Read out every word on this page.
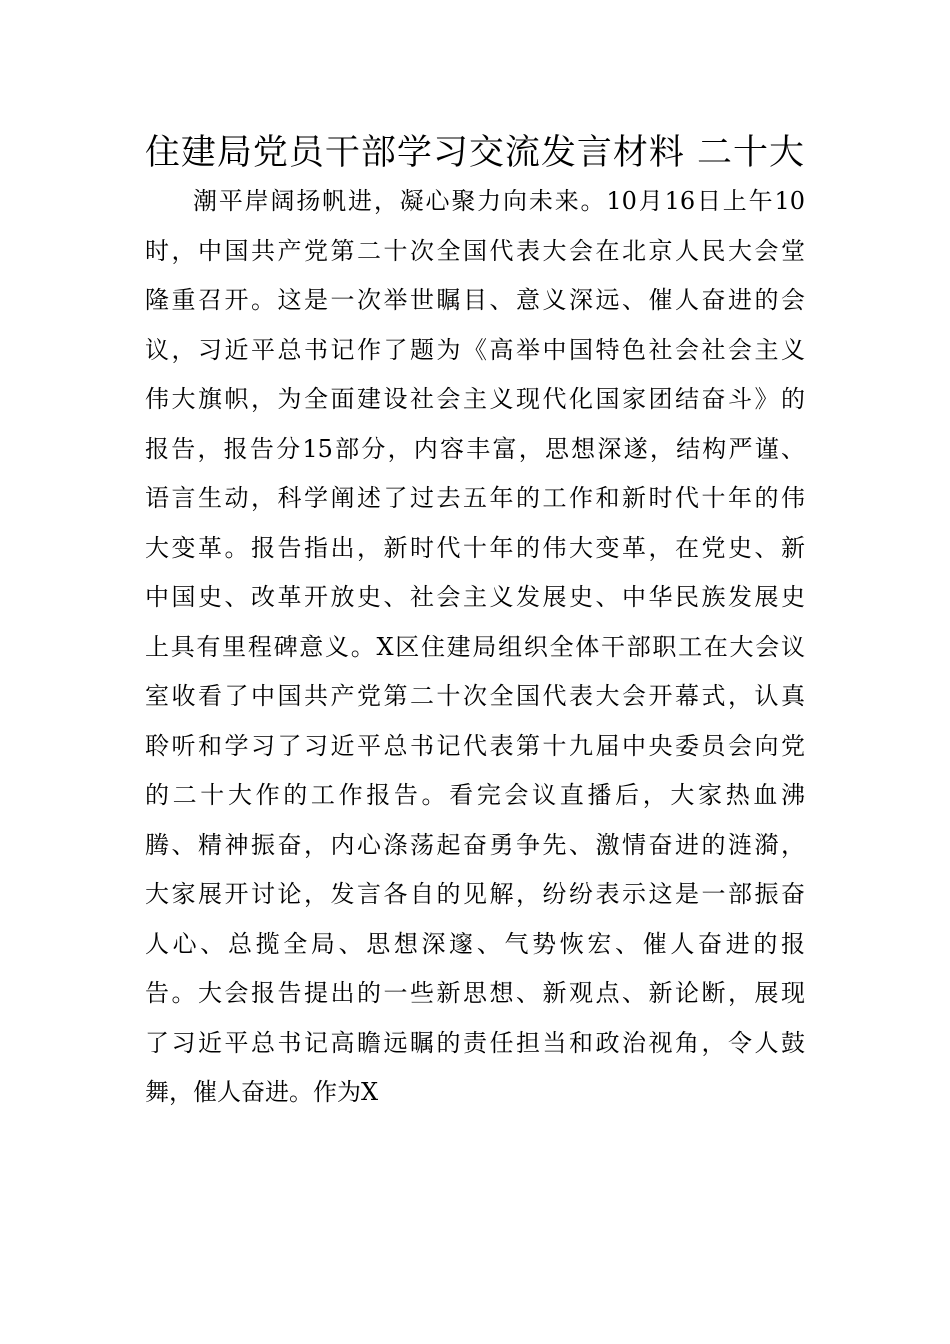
住建局党员干部学习交流发言材料 二十大
潮平岸阔扬帆进，凝心聚力向未来。10月16日上午10
时，中国共产党第二十次全国代表大会在北京人民大会堂
隆重召开。这是一次举世瞩目、意义深远、催人奋进的会
议，习近平总书记作了题为《高举中国特色社会社会主义
伟大旗帜，为全面建设社会主义现代化国家团结奋斗》的
报告，报告分15部分，内容丰富，思想深遂，结构严谨、
语言生动，科学阐述了过去五年的工作和新时代十年的伟
大变革。报告指出，新时代十年的伟大变革，在党史、新
中国史、改革开放史、社会主义发展史、中华民族发展史
上具有里程碑意义。X区住建局组织全体干部职工在大会议
室收看了中国共产党第二十次全国代表大会开幕式，认真
聆听和学习了习近平总书记代表第十九届中央委员会向党
的二十大作的工作报告。看完会议直播后，大家热血沸
腾、精神振奋，内心涤荡起奋勇争先、激情奋进的涟漪，
大家展开讨论，发言各自的见解，纷纷表示这是一部振奋
人心、总揽全局、思想深邃、气势恢宏、催人奋进的报
告。大会报告提出的一些新思想、新观点、新论断，展现
了习近平总书记高瞻远瞩的责任担当和政治视角，令人鼓
舞，催人奋进。作为X
